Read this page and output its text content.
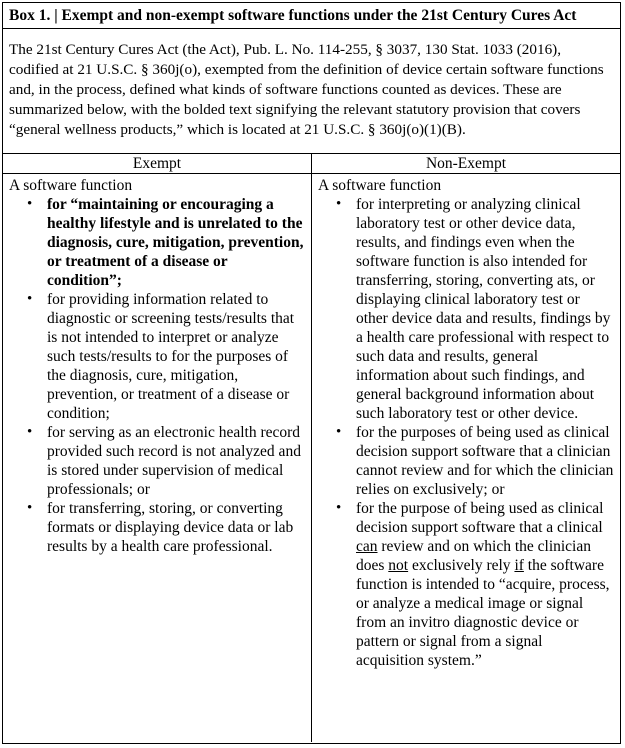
Box 1. | Exempt and non-exempt software functions under the 21st Century Cures Act
The 21st Century Cures Act (the Act), Pub. L. No. 114-255, § 3037, 130 Stat. 1033 (2016), codified at 21 U.S.C. § 360j(o), exempted from the definition of device certain software functions and, in the process, defined what kinds of software functions counted as devices. These are summarized below, with the bolded text signifying the relevant statutory provision that covers “general wellness products,” which is located at 21 U.S.C. § 360j(o)(1)(B).
Exempt	Non-Exempt

A software function

• for “maintaining or encouraging a healthy lifestyle and is unrelated to the diagnosis, cure, mitigation, prevention, or treatment of a disease or condition”;
• for providing information related to diagnostic or screening tests/results that is not intended to interpret or analyze such tests/results to for the purposes of the diagnosis, cure, mitigation, prevention, or treatment of a disease or condition;
• for serving as an electronic health record provided such record is not analyzed and is stored under supervision of medical professionals; or
• for transferring, storing, or converting formats or displaying device data or lab results by a health care professional.

A software function

• for interpreting or analyzing clinical laboratory test or other device data, results, and findings even when the software function is also intended for transferring, storing, converting ats, or displaying clinical laboratory test or other device data and results, findings by a health care professional with respect to such data and results, general information about such findings, and general background information about such laboratory test or other device.
• for the purposes of being used as clinical decision support software that a clinician cannot review and for which the clinician relies on exclusively; or
• for the purpose of being used as clinical decision support software that a clinical can review and on which the clinician does not exclusively rely if the software function is intended to “acquire, process, or analyze a medical image or signal from an invitro diagnostic device or pattern or signal from a signal acquisition system.”
